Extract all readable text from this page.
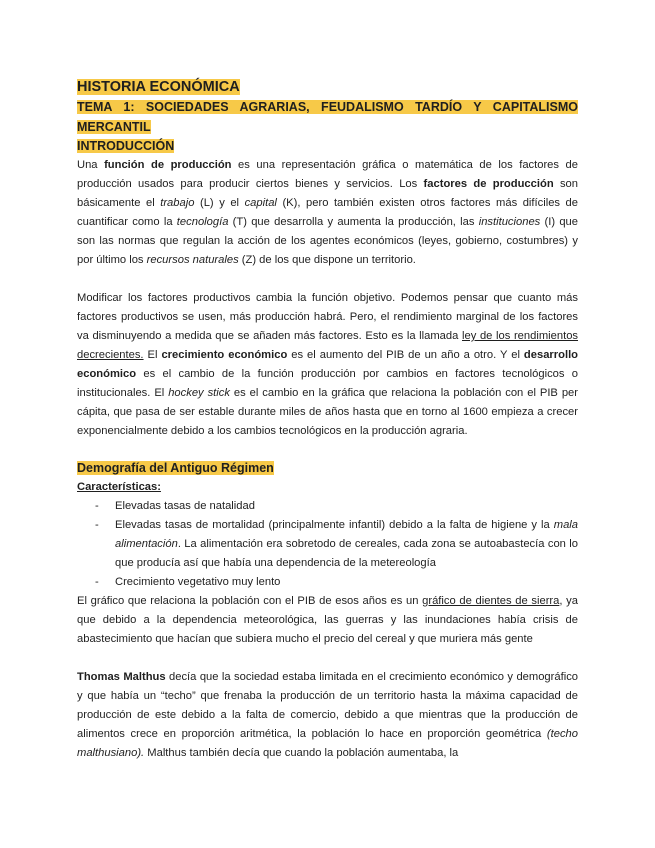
HISTORIA ECONÓMICA
TEMA 1: SOCIEDADES AGRARIAS, FEUDALISMO TARDÍO Y CAPITALISMO MERCANTIL
INTRODUCCIÓN

Una función de producción es una representación gráfica o matemática de los factores de producción usados para producir ciertos bienes y servicios. Los factores de producción son básicamente el trabajo (L) y el capital (K), pero también existen otros factores más difíciles de cuantificar como la tecnología (T) que desarrolla y aumenta la producción, las instituciones (I) que son las normas que regulan la acción de los agentes económicos (leyes, gobierno, costumbres) y por último los recursos naturales (Z) de los que dispone un territorio.

Modificar los factores productivos cambia la función objetivo. Podemos pensar que cuanto más factores productivos se usen, más producción habrá. Pero, el rendimiento marginal de los factores va disminuyendo a medida que se añaden más factores. Esto es la llamada ley de los rendimientos decrecientes. El crecimiento económico es el aumento del PIB de un año a otro. Y el desarrollo económico es el cambio de la función producción por cambios en factores tecnológicos o institucionales. El hockey stick es el cambio en la gráfica que relaciona la población con el PIB per cápita, que pasa de ser estable durante miles de años hasta que en torno al 1600 empieza a crecer exponencialmente debido a los cambios tecnológicos en la producción agraria.

Demografía del Antiguo Régimen

Características:

- Elevadas tasas de natalidad
- Elevadas tasas de mortalidad (principalmente infantil) debido a la falta de higiene y la mala alimentación. La alimentación era sobretodo de cereales, cada zona se autoabastecía con lo que producía así que había una dependencia de la metereología
- Crecimiento vegetativo muy lento

El gráfico que relaciona la población con el PIB de esos años es un gráfico de dientes de sierra, ya que debido a la dependencia meteorológica, las guerras y las inundaciones había crisis de abastecimiento que hacían que subiera mucho el precio del cereal y que muriera más gente

Thomas Malthus decía que la sociedad estaba limitada en el crecimiento económico y demográfico y que había un “techo” que frenaba la producción de un territorio hasta la máxima capacidad de producción de este debido a la falta de comercio, debido a que mientras que la producción de alimentos crece en proporción aritmética, la población lo hace en proporción geométrica (techo malthusiano). Malthus también decía que cuando la población aumentaba, la
